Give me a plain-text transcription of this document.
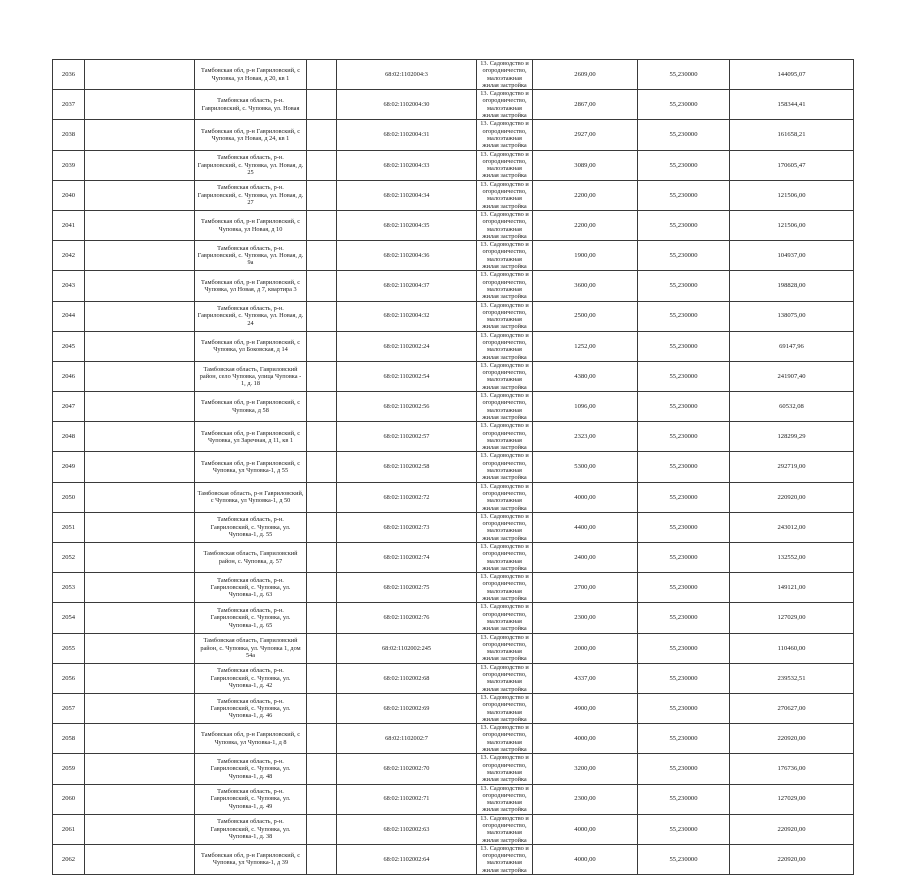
2036		Тамбовская обл, р-н Гавриловский, с Чуповка, ул Новая, д 20, кв 1		68:02:1102004:3	13. Садоводство и огородничество, малоэтажная жилая застройка	2609,00	55,230000	144095,07
2037		Тамбовская область, р-н. Гавриловский, с. Чуповка, ул. Новая		68:02:1102004:30	13. Садоводство и огородничество, малоэтажная жилая застройка	2867,00	55,230000	158344,41
2038		Тамбовская обл, р-н Гавриловский, с Чуповка, ул Новая, д 24, кв 1		68:02:1102004:31	13. Садоводство и огородничество, малоэтажная жилая застройка	2927,00	55,230000	161658,21
2039		Тамбовская область, р-н. Гавриловский, с. Чуповка, ул. Новая, д. 25		68:02:1102004:33	13. Садоводство и огородничество, малоэтажная жилая застройка	3089,00	55,230000	170605,47
2040		Тамбовская область, р-н. Гавриловский, с. Чуповка, ул. Новая, д. 27		68:02:1102004:34	13. Садоводство и огородничество, малоэтажная жилая застройка	2200,00	55,230000	121506,00
2041		Тамбовская обл, р-н Гавриловский, с Чуповка, ул Новая, д 10		68:02:1102004:35	13. Садоводство и огородничество, малоэтажная жилая застройка	2200,00	55,230000	121506,00
2042		Тамбовская область, р-н. Гавриловский, с. Чуповка, ул. Новая, д. 9а		68:02:1102004:36	13. Садоводство и огородничество, малоэтажная жилая застройка	1900,00	55,230000	104937,00
2043		Тамбовская обл, р-н Гавриловский, с Чуповка, ул Новая, д 7, квартира 3		68:02:1102004:37	13. Садоводство и огородничество, малоэтажная жилая застройка	3600,00	55,230000	198828,00
2044		Тамбовская область, р-н. Гавриловский, с. Чуповка, ул. Новая, д. 24		68:02:1102004:32	13. Садоводство и огородничество, малоэтажная жилая застройка	2500,00	55,230000	138075,00
2045		Тамбовская обл, р-н Гавриловский, с Чуповка, ул Боковская, д 14		68:02:1102002:24	13. Садоводство и огородничество, малоэтажная жилая застройка	1252,00	55,230000	69147,96
2046		Тамбовская область, Гавриловский район, село Чуповка, улица Чуповка - 1, д. 18		68:02:1102002:54	13. Садоводство и огородничество, малоэтажная жилая застройка	4380,00	55,230000	241907,40
2047		Тамбовская обл, р-н Гавриловский, с Чуповка, д 58		68:02:1102002:56	13. Садоводство и огородничество, малоэтажная жилая застройка	1096,00	55,230000	60532,08
2048		Тамбовская обл, р-н Гавриловский, с Чуповка, ул Заречная, д 11, кв 1		68:02:1102002:57	13. Садоводство и огородничество, малоэтажная жилая застройка	2323,00	55,230000	128299,29
2049		Тамбовская обл, р-н Гавриловский, с Чуповка, ул Чуповка-1, д 55		68:02:1102002:58	13. Садоводство и огородничество, малоэтажная жилая застройка	5300,00	55,230000	292719,00
2050		Тамбовская область, р-н Гавриловский, с Чуповка, ул Чуповка-1, д 50		68:02:1102002:72	13. Садоводство и огородничество, малоэтажная жилая застройка	4000,00	55,230000	220920,00
2051		Тамбовская область, р-н. Гавриловский, с. Чуповка, ул. Чуповка-1, д. 55		68:02:1102002:73	13. Садоводство и огородничество, малоэтажная жилая застройка	4400,00	55,230000	243012,00
2052		Тамбовская область, Гавриловский район, с. Чуповка, д. 57		68:02:1102002:74	13. Садоводство и огородничество, малоэтажная жилая застройка	2400,00	55,230000	132552,00
2053		Тамбовская область, р-н. Гавриловский, с. Чуповка, ул. Чуповка-1, д. 63		68:02:1102002:75	13. Садоводство и огородничество, малоэтажная жилая застройка	2700,00	55,230000	149121,00
2054		Тамбовская область, р-н. Гавриловский, с. Чуповка, ул. Чуповка-1, д. 65		68:02:1102002:76	13. Садоводство и огородничество, малоэтажная жилая застройка	2300,00	55,230000	127029,00
2055		Тамбовская область, Гавриловский район, с. Чуповка, ул. Чуповка 1, дом 54а		68:02:1102002:245	13. Садоводство и огородничество, малоэтажная жилая застройка	2000,00	55,230000	110460,00
2056		Тамбовская область, р-н. Гавриловский, с. Чуповка, ул. Чуповка-1, д. 42		68:02:1102002:68	13. Садоводство и огородничество, малоэтажная жилая застройка	4337,00	55,230000	239532,51
2057		Тамбовская область, р-н. Гавриловский, с. Чуповка, ул. Чуповка-1, д. 46		68:02:1102002:69	13. Садоводство и огородничество, малоэтажная жилая застройка	4900,00	55,230000	270627,00
2058		Тамбовская обл, р-н Гавриловский, с Чуповка, ул Чуповка-1, д 8		68:02:1102002:7	13. Садоводство и огородничество, малоэтажная жилая застройка	4000,00	55,230000	220920,00
2059		Тамбовская область, р-н. Гавриловский, с. Чуповка, ул. Чуповка-1, д. 48		68:02:1102002:70	13. Садоводство и огородничество, малоэтажная жилая застройка	3200,00	55,230000	176736,00
2060		Тамбовская область, р-н. Гавриловский, с. Чуповка, ул. Чуповка-1, д. 49		68:02:1102002:71	13. Садоводство и огородничество, малоэтажная жилая застройка	2300,00	55,230000	127029,00
2061		Тамбовская область, р-н. Гавриловский, с. Чуповка, ул. Чуповка-1, д. 38		68:02:1102002:63	13. Садоводство и огородничество, малоэтажная жилая застройка	4000,00	55,230000	220920,00
2062		Тамбовская обл, р-н Гавриловский, с Чуповка, ул Чуповка-1, д 39		68:02:1102002:64	13. Садоводство и огородничество, малоэтажная жилая застройка	4000,00	55,230000	220920,00
